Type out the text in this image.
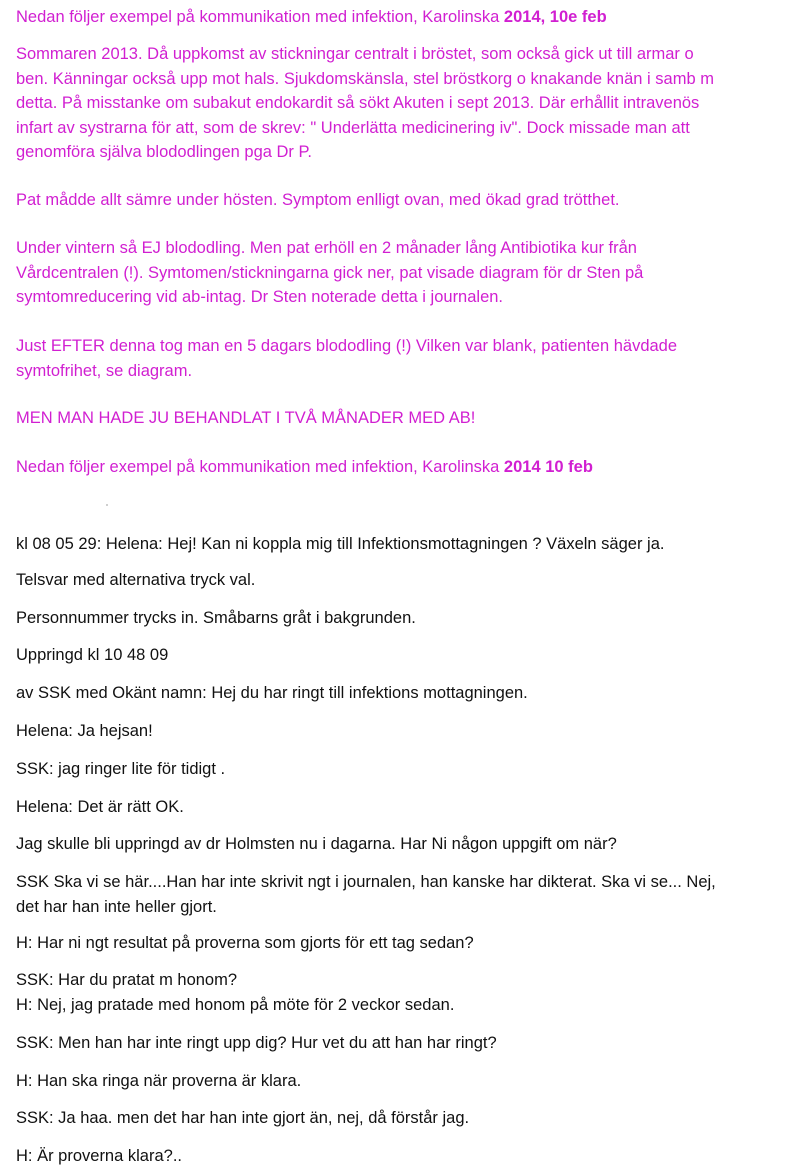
Nedan följer exempel på kommunikation med infektion, Karolinska 2014, 10e feb

Sommaren 2013. Då uppkomst av stickningar centralt i bröstet, som också gick ut till armar o
ben. Känningar också upp mot hals. Sjukdomskänsla, stel bröstkorg o knakande knän i samb m
detta. På misstanke om subakut endokardit så sökt Akuten i sept 2013. Där erhållit intravenös
infart av systrarna för att, som de skrev: " Underlätta medicinering iv". Dock missade man att
genomföra själva blododlingen pga Dr P.

Pat mådde allt sämre under hösten. Symptom enlligt ovan, med ökad grad trötthet.

Under vintern så EJ blododling. Men pat erhöll en 2 månader lång Antibiotika kur från
Vårdcentralen (!). Symtomen/stickningarna gick ner, pat visade diagram för dr Sten på
symtomreducering vid ab-intag. Dr Sten noterade detta i journalen.
Just EFTER denna tog man en 5 dagars blododling (!) Vilken var blank, patienten hävdade
symtofrihet, se diagram.

MEN MAN HADE JU BEHANDLAT I TVÅ MÅNADER MED AB!

Nedan följer exempel på kommunikation med infektion, Karolinska 2014 10 feb

kl 08 05 29: Helena: Hej! Kan ni koppla mig till Infektionsmottagningen ? Växeln säger ja.

Telsvar med alternativa tryck val.

Personnummer trycks in. Småbarns gråt i bakgrunden.

Uppringd kl 10 48 09

av SSK med Okänt namn: Hej du har ringt till infektions mottagningen.

Helena: Ja hejsan!

SSK: jag ringer lite för tidigt .

Helena: Det är rätt OK.

Jag skulle bli uppringd av dr Holmsten nu i dagarna. Har Ni någon uppgift om när?

SSK Ska vi se här....Han har inte skrivit ngt i journalen, han kanske har dikterat. Ska vi se... Nej,
det har han inte heller gjort.

H: Har ni ngt resultat på proverna som gjorts för ett tag sedan?

SSK: Har du pratat m honom?
H: Nej, jag pratade med honom på möte för 2 veckor sedan.

SSK: Men han har inte ringt upp dig? Hur vet du att han har ringt?

H: Han ska ringa när proverna är klara.

SSK: Ja haa. men det har han inte gjort än, nej, då förstår jag.

H: Är proverna klara?..
